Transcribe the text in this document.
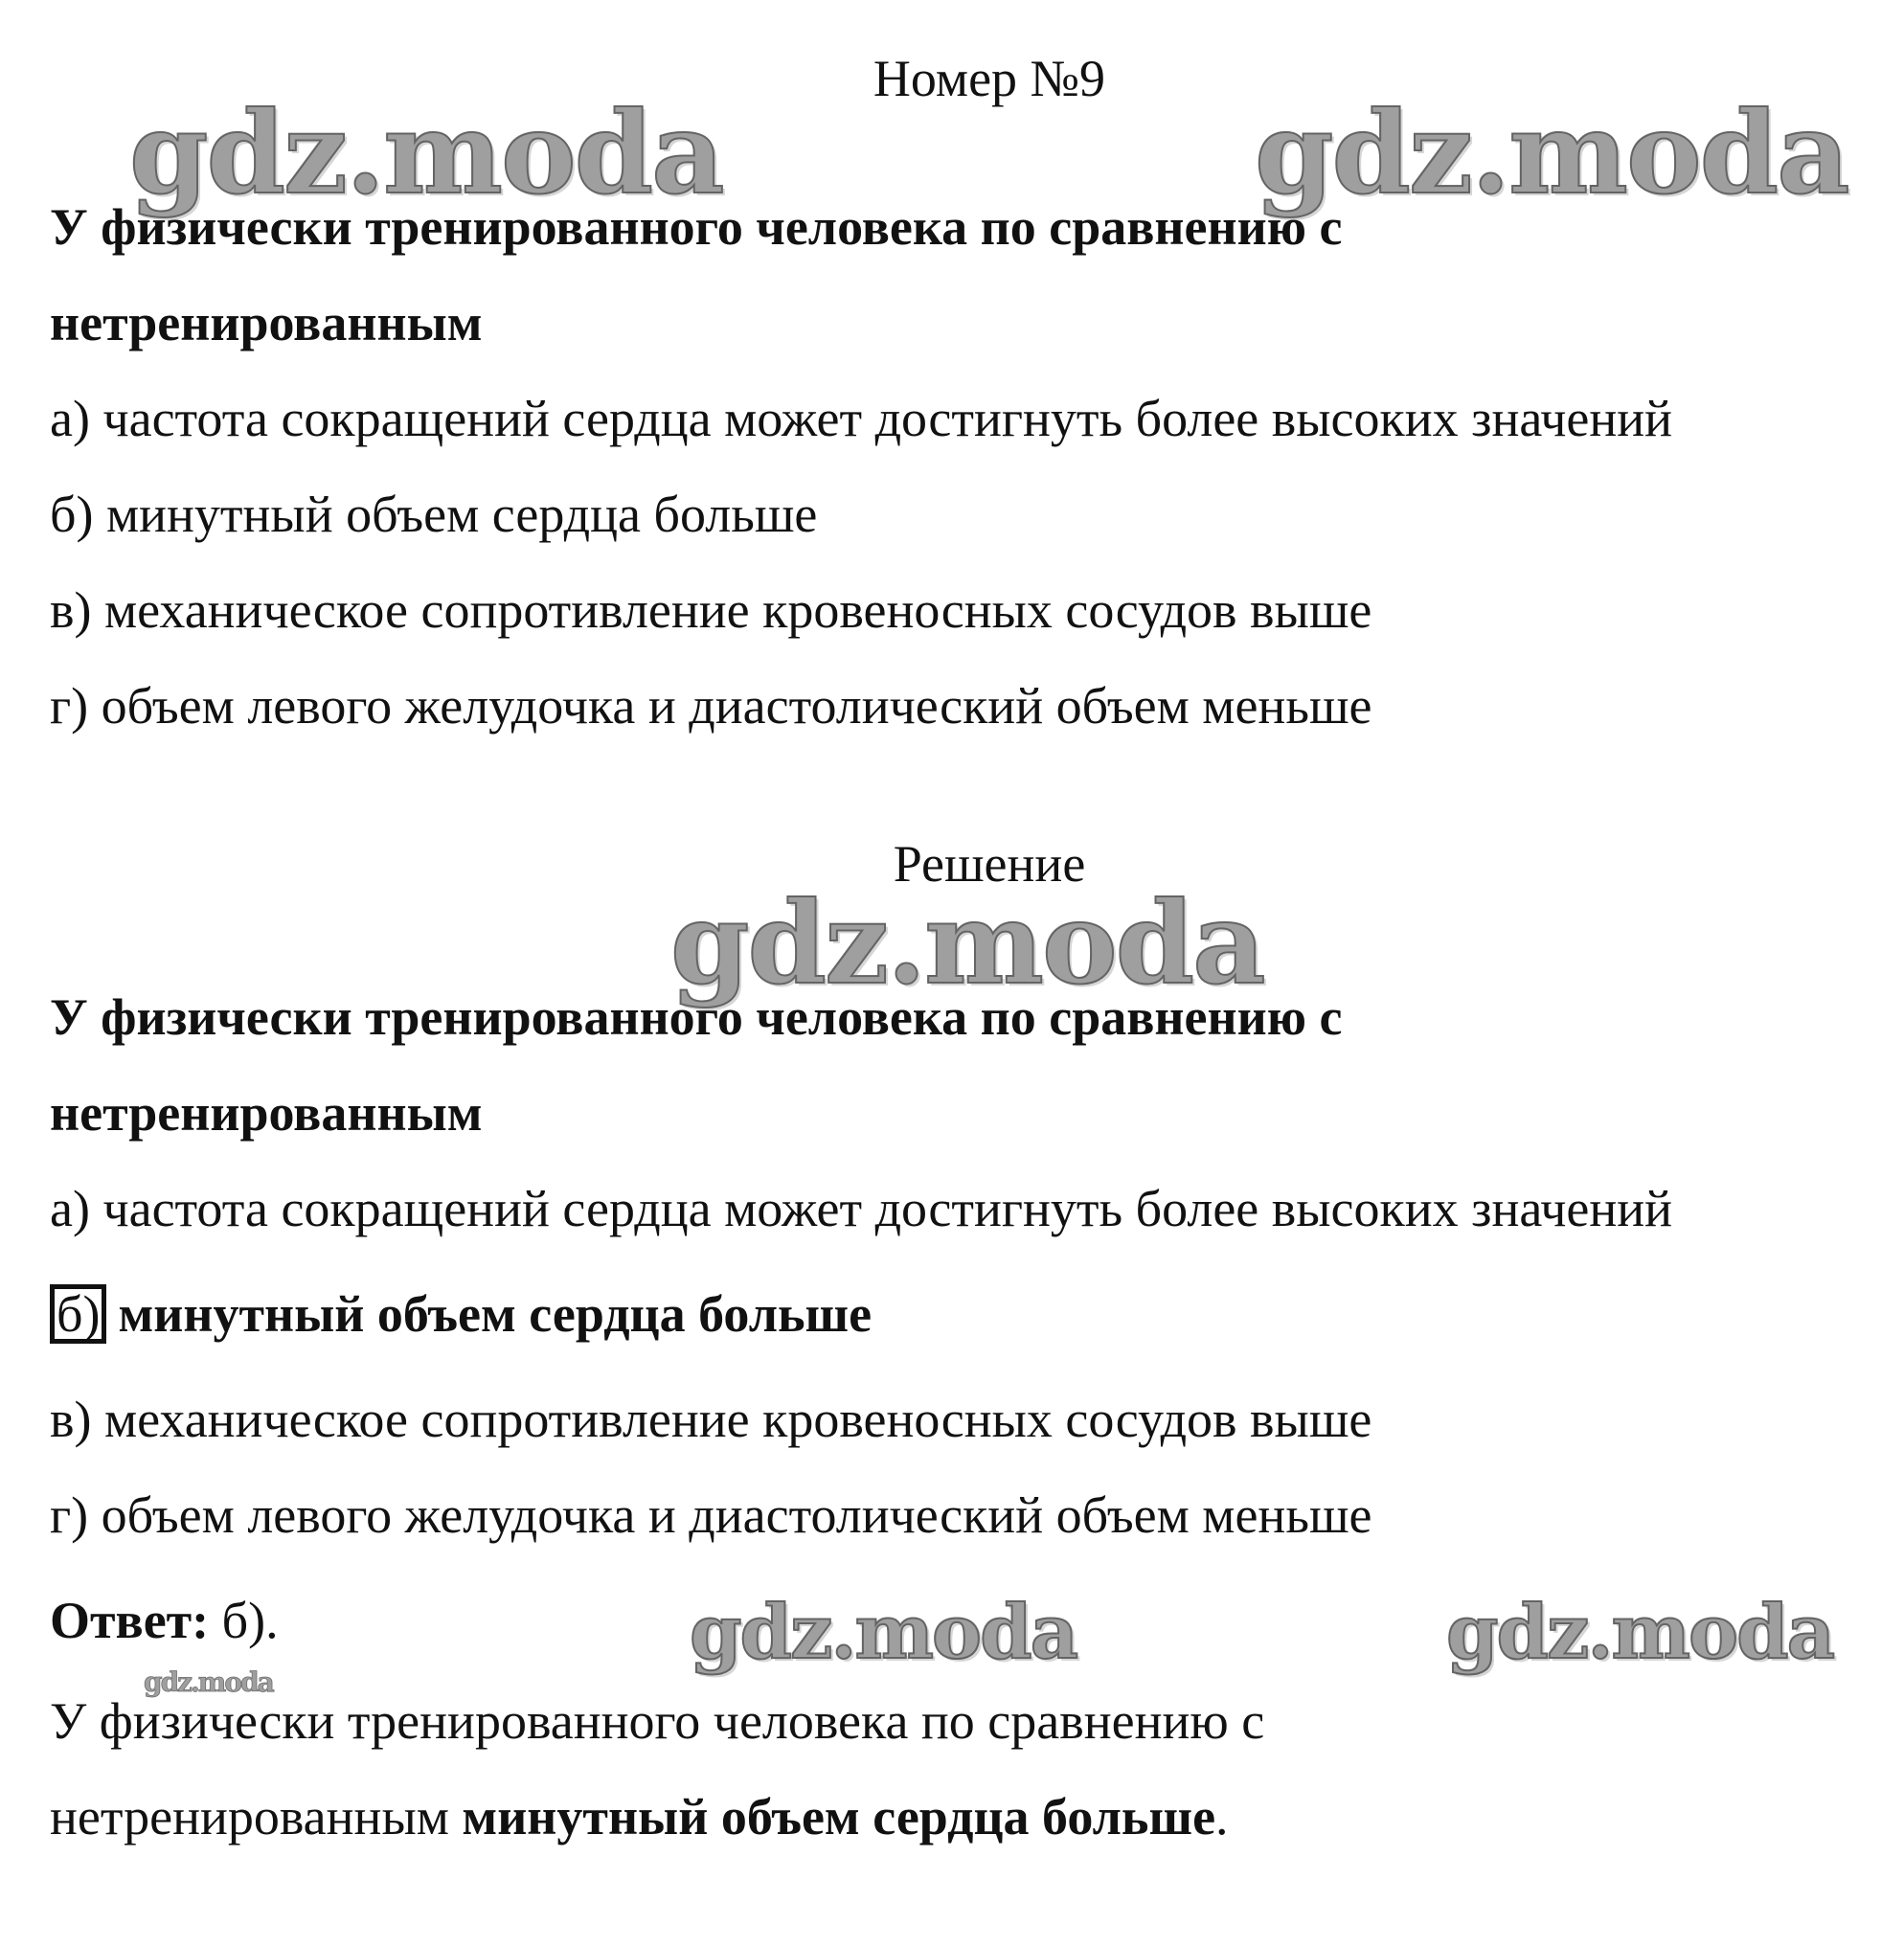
gdz.moda	gdz.moda
gdz.moda
gdz.moda	gdz.moda
gdz.moda
Номер №9
У физически тренированного человека по сравнению с
нетренированным
а) частота сокращений сердца может достигнуть более высоких значений
б) минутный объем сердца больше
в) механическое сопротивление кровеносных сосудов выше
г) объем левого желудочка и диастолический объем меньше
Решение
У физически тренированного человека по сравнению с
нетренированным
а) частота сокращений сердца может достигнуть более высоких значений
б) минутный объем сердца больше
в) механическое сопротивление кровеносных сосудов выше
г) объем левого желудочка и диастолический объем меньше
Ответ: б).
У физически тренированного человека по сравнению с
нетренированным минутный объем сердца больше.
